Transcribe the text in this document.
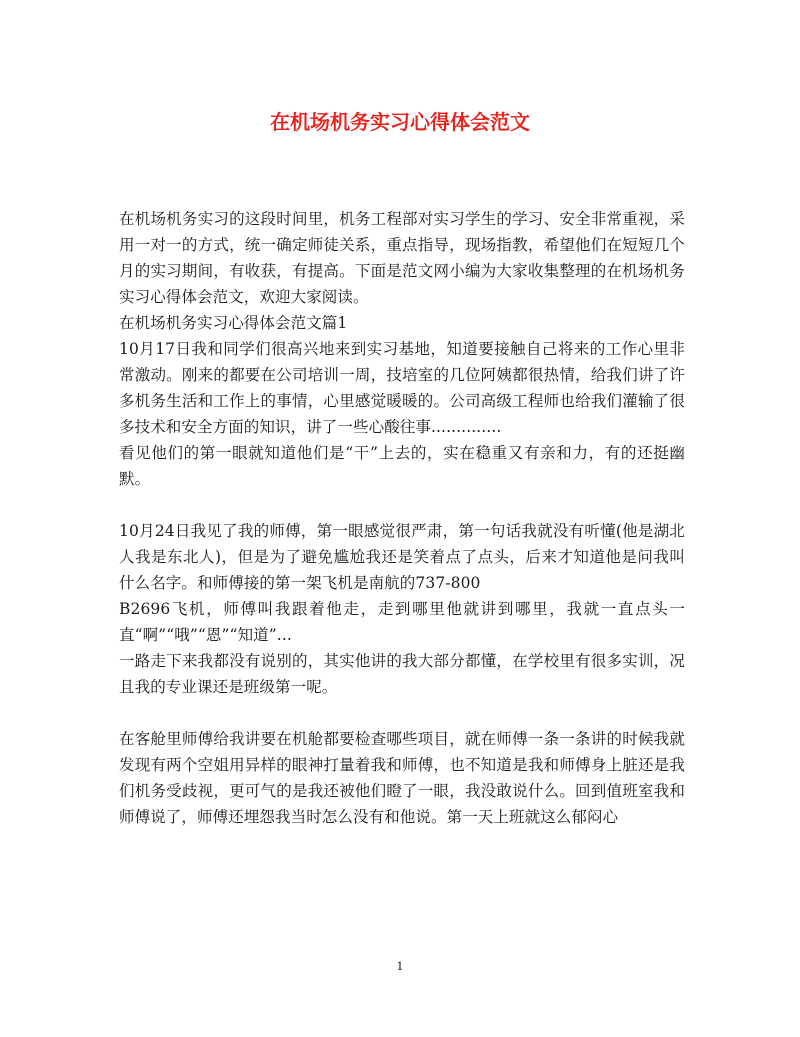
在机场机务实习心得体会范文

在机场机务实习的这段时间里，机务工程部对实习学生的学习、安全非常重视，采用一对一的方式，统一确定师徒关系，重点指导，现场指教，希望他们在短短几个月的实习期间，有收获，有提高。下面是范文网小编为大家收集整理的在机场机务实习心得体会范文，欢迎大家阅读。

在机场机务实习心得体会范文篇1

10月17日我和同学们很高兴地来到实习基地，知道要接触自己将来的工作心里非常激动。刚来的都要在公司培训一周，技培室的几位阿姨都很热情，给我们讲了许多机务生活和工作上的事情，心里感觉暖暖的。公司高级工程师也给我们灌输了很多技术和安全方面的知识，讲了一些心酸往事..............

看见他们的第一眼就知道他们是“干”上去的，实在稳重又有亲和力，有的还挺幽默。

10月24日我见了我的师傅，第一眼感觉很严肃，第一句话我就没有听懂(他是湖北人我是东北人)，但是为了避免尴尬我还是笑着点了点头，后来才知道他是问我叫什么名字。和师傅接的第一架飞机是南航的737-800

B2696飞机，师傅叫我跟着他走，走到哪里他就讲到哪里，我就一直点头一直“啊”“哦”“恩”“知道”...

一路走下来我都没有说别的，其实他讲的我大部分都懂，在学校里有很多实训，况且我的专业课还是班级第一呢。

在客舱里师傅给我讲要在机舱都要检查哪些项目，就在师傅一条一条讲的时候我就发现有两个空姐用异样的眼神打量着我和师傅，也不知道是我和师傅身上脏还是我们机务受歧视，更可气的是我还被他们瞪了一眼，我没敢说什么。回到值班室我和师傅说了，师傅还埋怨我当时怎么没有和他说。第一天上班就这么郁闷心

1
